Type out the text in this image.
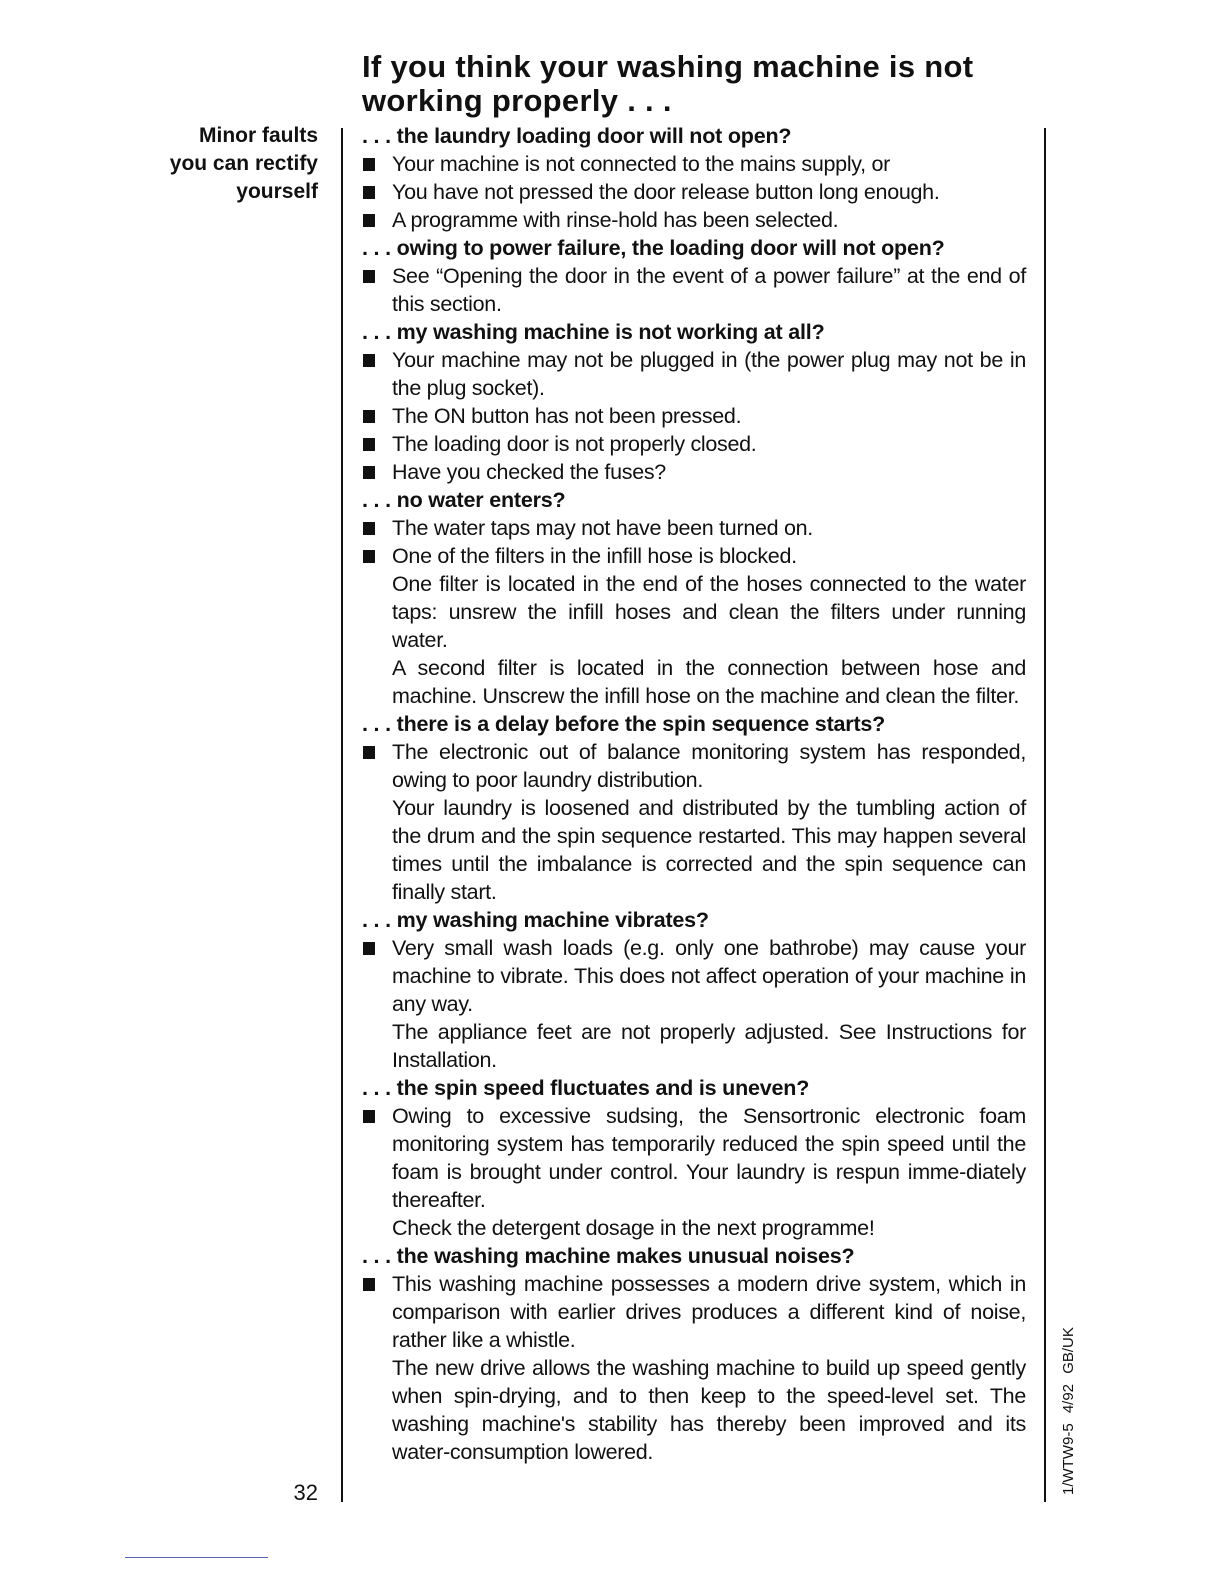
If you think your washing machine is not working properly . . .
Minor faults
you can rectify
yourself
. . . the laundry loading door will not open?
Your machine is not connected to the mains supply, or
You have not pressed the door release button long enough.
A programme with rinse-hold has been selected.
. . . owing to power failure, the loading door will not open?
See “Opening the door in the event of a power failure” at the end of this section.
. . . my washing machine is not working at all?
Your machine may not be plugged in (the power plug may not be in the plug socket).
The ON button has not been pressed.
The loading door is not properly closed.
Have you checked the fuses?
. . . no water enters?
The water taps may not have been turned on.
One of the filters in the infill hose is blocked.
One filter is located in the end of the hoses connected to the water taps: unsrew the infill hoses and clean the filters under running water.
A second filter is located in the connection between hose and machine. Unscrew the infill hose on the machine and clean the filter.
. . . there is a delay before the spin sequence starts?
The electronic out of balance monitoring system has responded, owing to poor laundry distribution.
Your laundry is loosened and distributed by the tumbling action of the drum and the spin sequence restarted. This may happen several times until the imbalance is corrected and the spin sequence can finally start.
. . . my washing machine vibrates?
Very small wash loads (e.g. only one bathrobe) may cause your machine to vibrate. This does not affect operation of your machine in any way.
The appliance feet are not properly adjusted. See Instructions for Installation.
. . . the spin speed fluctuates and is uneven?
Owing to excessive sudsing, the Sensortronic electronic foam monitoring system has temporarily reduced the spin speed until the foam is brought under control. Your laundry is respun imme-diately thereafter.
Check the detergent dosage in the next programme!
. . . the washing machine makes unusual noises?
This washing machine possesses a modern drive system, which in comparison with earlier drives produces a different kind of noise, rather like a whistle.
The new drive allows the washing machine to build up speed gently when spin-drying, and to then keep to the speed-level set. The washing machine's stability has thereby been improved and its water-consumption lowered.
32	1/WTW9-5 4/92 GB/UK
